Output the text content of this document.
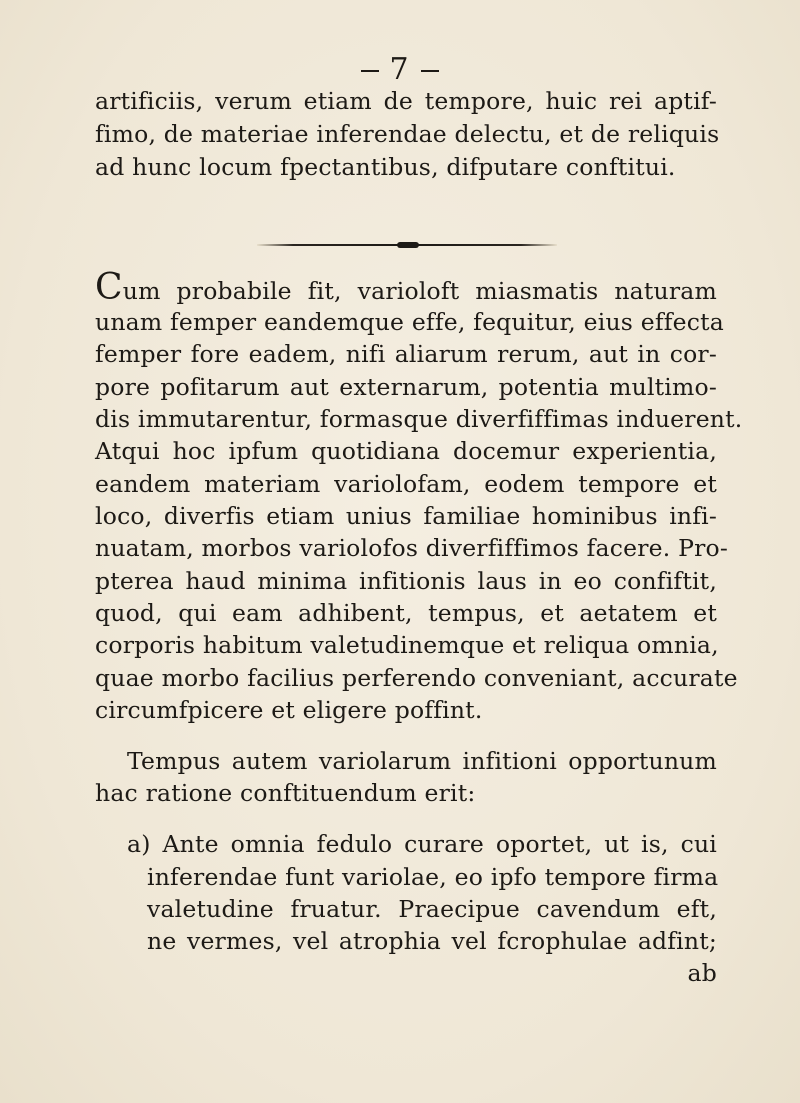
7
artificiis, verum etiam de tempore, huic rei aptif-
fimo, de materiae inferendae delectu, et de reliquis
ad hunc locum fpectantibus, difputare conftitui.
Cum probabile fit, varioloft miasmatis naturam
unam femper eandemque effe, fequitur, eius effecta
femper fore eadem, nifi aliarum rerum, aut in cor-
pore pofitarum aut externarum, potentia multimo-
dis immutarentur, formasque diverfiffimas induerent.
Atqui hoc ipfum quotidiana docemur experientia,
eandem materiam variolofam, eodem tempore et
loco, diverfis etiam unius familiae hominibus infi-
nuatam, morbos variolofos diverfiffimos facere. Pro-
pterea haud minima infitionis laus in eo confiftit,
quod, qui eam adhibent, tempus, et aetatem et
corporis habitum valetudinemque et reliqua omnia,
quae morbo facilius perferendo conveniant, accurate
circumfpicere et eligere poffint.
Tempus autem variolarum infitioni opportunum
hac ratione conftituendum erit:
a) Ante omnia fedulo curare oportet, ut is, cui
inferendae funt variolae, eo ipfo tempore firma
valetudine fruatur. Praecipue cavendum eft,
ne vermes, vel atrophia vel fcrophulae adfint;
ab
